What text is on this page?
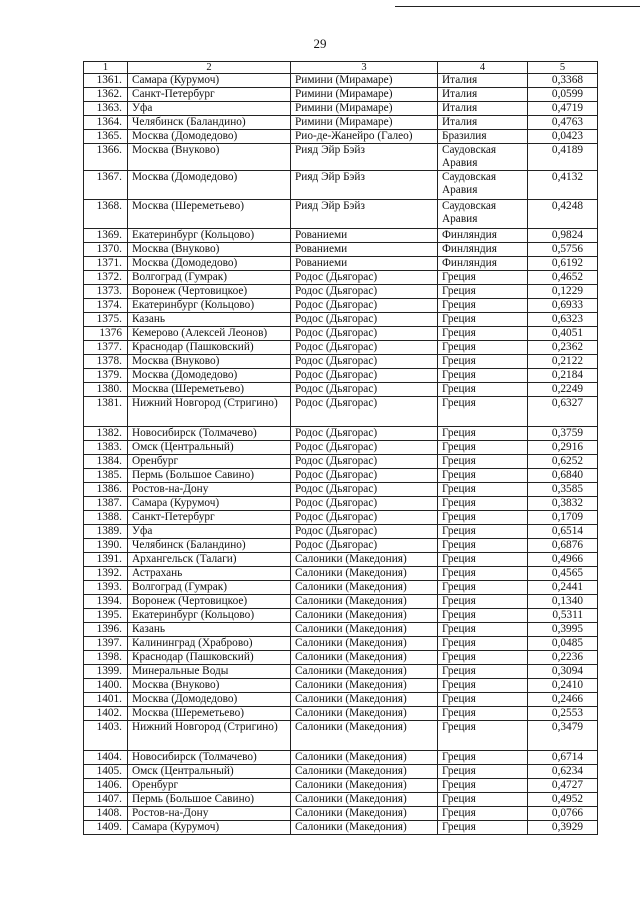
29
1	2	3	4	5
1361.	Самара (Курумоч)	Римини (Мирамаре)	Италия	0,3368
1362.	Санкт-Петербург	Римини (Мирамаре)	Италия	0,0599
1363.	Уфа	Римини (Мирамаре)	Италия	0,4719
1364.	Челябинск (Баландино)	Римини (Мирамаре)	Италия	0,4763
1365.	Москва (Домодедово)	Рио-де-Жанейро (Галео)	Бразилия	0,0423
1366.	Москва (Внуково)	Рияд Эйр Бэйз	Саудовская Аравия	0,4189
1367.	Москва (Домодедово)	Рияд Эйр Бэйз	Саудовская Аравия	0,4132
1368.	Москва (Шереметьево)	Рияд Эйр Бэйз	Саудовская Аравия	0,4248
1369.	Екатеринбург (Кольцово)	Рованиеми	Финляндия	0,9824
1370.	Москва (Внуково)	Рованиеми	Финляндия	0,5756
1371.	Москва (Домодедово)	Рованиеми	Финляндия	0,6192
1372.	Волгоград (Гумрак)	Родос (Дьягорас)	Греция	0,4652
1373.	Воронеж (Чертовицкое)	Родос (Дьягорас)	Греция	0,1229
1374.	Екатеринбург (Кольцово)	Родос (Дьягорас)	Греция	0,6933
1375.	Казань	Родос (Дьягорас)	Греция	0,6323
1376	Кемерово (Алексей Леонов)	Родос (Дьягорас)	Греция	0,4051
1377.	Краснодар (Пашковский)	Родос (Дьягорас)	Греция	0,2362
1378.	Москва (Внуково)	Родос (Дьягорас)	Греция	0,2122
1379.	Москва (Домодедово)	Родос (Дьягорас)	Греция	0,2184
1380.	Москва (Шереметьево)	Родос (Дьягорас)	Греция	0,2249
1381.	Нижний Новгород (Стригино)	Родос (Дьягорас)	Греция	0,6327
1382.	Новосибирск (Толмачево)	Родос (Дьягорас)	Греция	0,3759
1383.	Омск (Центральный)	Родос (Дьягорас)	Греция	0,2916
1384.	Оренбург	Родос (Дьягорас)	Греция	0,6252
1385.	Пермь (Большое Савино)	Родос (Дьягорас)	Греция	0,6840
1386.	Ростов-на-Дону	Родос (Дьягорас)	Греция	0,3585
1387.	Самара (Курумоч)	Родос (Дьягорас)	Греция	0,3832
1388.	Санкт-Петербург	Родос (Дьягорас)	Греция	0,1709
1389.	Уфа	Родос (Дьягорас)	Греция	0,6514
1390.	Челябинск (Баландино)	Родос (Дьягорас)	Греция	0,6876
1391.	Архангельск (Талаги)	Салоники (Македония)	Греция	0,4966
1392.	Астрахань	Салоники (Македония)	Греция	0,4565
1393.	Волгоград (Гумрак)	Салоники (Македония)	Греция	0,2441
1394.	Воронеж (Чертовицкое)	Салоники (Македония)	Греция	0,1340
1395.	Екатеринбург (Кольцово)	Салоники (Македония)	Греция	0,5311
1396.	Казань	Салоники (Македония)	Греция	0,3995
1397.	Калининград (Храброво)	Салоники (Македония)	Греция	0,0485
1398.	Краснодар (Пашковский)	Салоники (Македония)	Греция	0,2236
1399.	Минеральные Воды	Салоники (Македония)	Греция	0,3094
1400.	Москва (Внуково)	Салоники (Македония)	Греция	0,2410
1401.	Москва (Домодедово)	Салоники (Македония)	Греция	0,2466
1402.	Москва (Шереметьево)	Салоники (Македония)	Греция	0,2553
1403.	Нижний Новгород (Стригино)	Салоники (Македония)	Греция	0,3479
1404.	Новосибирск (Толмачево)	Салоники (Македония)	Греция	0,6714
1405.	Омск (Центральный)	Салоники (Македония)	Греция	0,6234
1406.	Оренбург	Салоники (Македония)	Греция	0,4727
1407.	Пермь (Большое Савино)	Салоники (Македония)	Греция	0,4952
1408.	Ростов-на-Дону	Салоники (Македония)	Греция	0,0766
1409.	Самара (Курумоч)	Салоники (Македония)	Греция	0,3929
